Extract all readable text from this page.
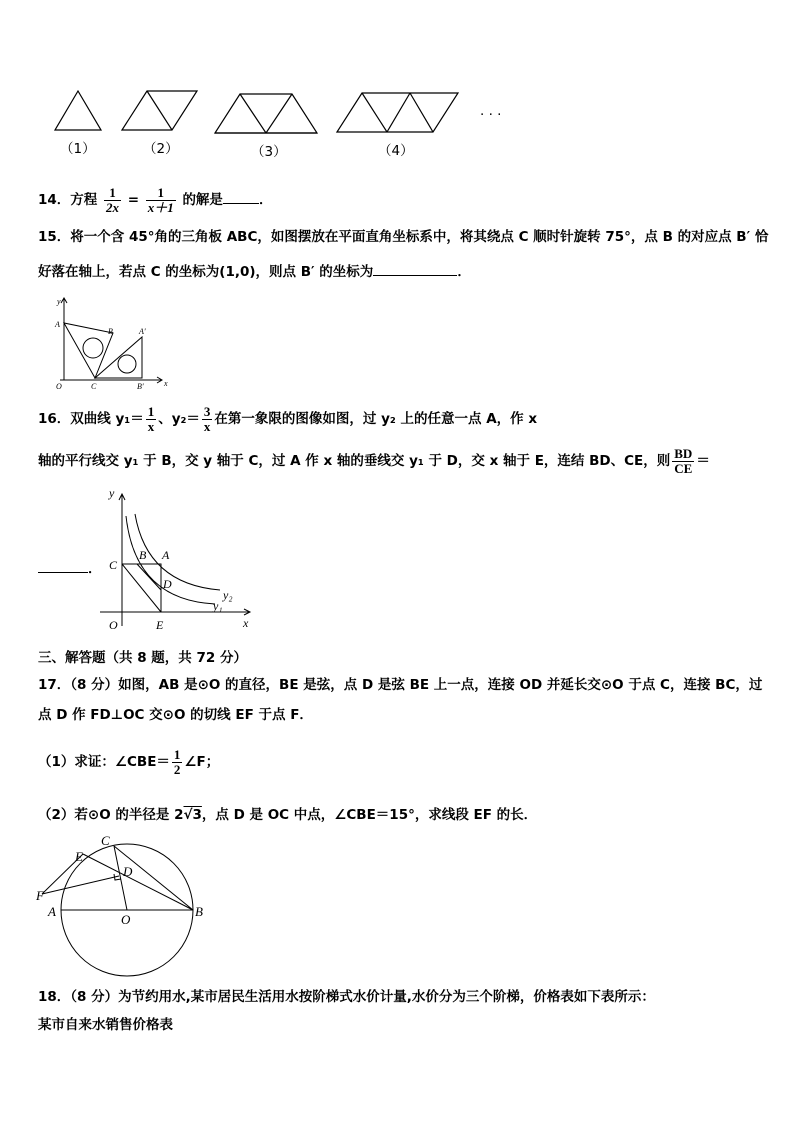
（1）	（2）	（3）	（4）
· · ·
14．方程 $\frac{1}{2x} = \frac{1}{x+1}$ 的解是	．
15．将一个含 45°角的三角板 ABC，如图摆放在平面直角坐标系中，将其绕点 C 顺时针旋转 75°，点 B 的对应点 B′ 恰
好落在轴上，若点 C 的坐标为(1,0)，则点 B′ 的坐标为	．
y
x
A
B	A′
O	C	B′
16．双曲线 $y_1= \frac{1}{x}$ 、$y_2= \frac{3}{x}$ 在第一象限的图像如图，过 y₂ 上的任意一点 A，作 x
轴的平行线交 y₁ 于 B，交 y 轴于 C，过 A 作 x 轴的垂线交 y₁ 于 D，交 x 轴于 E，连结 BD、CE，则 $\frac{BD}{CE}$ ＝
y
x
C
B A
D
O	E
y₂
y₁
．
三、解答题（共 8 题，共 72 分）
17．（8 分）如图，AB 是⊙O 的直径，BE 是弦，点 D 是弦 BE 上一点，连接 OD 并延长交⊙O 于点 C，连接 BC，过
点 D 作 FD⊥OC 交⊙O 的切线 EF 于点 F．
（1）求证：∠CBE＝ $\frac{1}{2}$ ∠F；
（2）若⊙O 的半径是 2√3，点 D 是 OC 中点，∠CBE＝15°，求线段 EF 的长．
C
E
D
F
A
O
B
18．（8 分）为节约用水,某市居民生活用水按阶梯式水价计量,水价分为三个阶梯，价格表如下表所示：
某市自来水销售价格表
